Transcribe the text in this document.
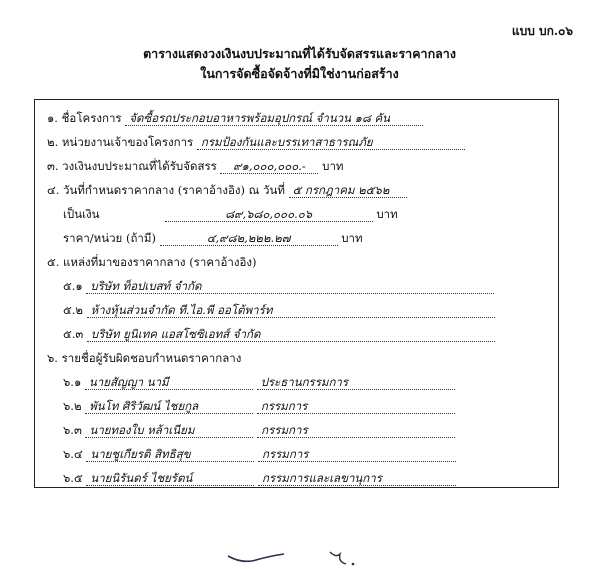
แบบ บก.๐๖
ตารางแสดงวงเงินงบประมาณที่ได้รับจัดสรรและราคากลาง
ในการจัดซื้อจัดจ้างที่มิใช่งานก่อสร้าง
๑. ชื่อโครงการ จัดซื้อรถประกอบอาหารพร้อมอุปกรณ์ จำนวน ๑๘ คัน
๒. หน่วยงานเจ้าของโครงการ กรมป้องกันและบรรเทาสาธารณภัย
๓. วงเงินงบประมาณที่ได้รับจัดสรร ๙๑,๐๐๐,๐๐๐.- บาท
๔. วันที่กำหนดราคากลาง (ราคาอ้างอิง) ณ วันที่ ๕ กรกฎาคม ๒๕๖๒
เป็นเงิน	๘๙,๖๘๐,๐๐๐.๐๖	บาท
ราคา/หน่วย (ถ้ามี)	๔,๙๘๒,๒๒๒.๒๗	บาท
๕. แหล่งที่มาของราคากลาง (ราคาอ้างอิง)
๕.๑ บริษัท ท็อปเบสท์ จำกัด
๕.๒ ห้างหุ้นส่วนจำกัด ที.ไอ.พี ออโต้พาร์ท
๕.๓ บริษัท ยูนิเทค แอสโซซิเอทส์ จำกัด
๖. รายชื่อผู้รับผิดชอบกำหนดราคากลาง
๖.๑ นายสัญญา นามี	ประธานกรรมการ
๖.๒ พันโท ศิริวัฒน์ ไชยกูล	กรรมการ
๖.๓ นายทองใบ หล้าเนียม	กรรมการ
๖.๔ นายชูเกียรติ สิทธิสุข	กรรมการ
๖.๕ นายนิรันดร์ ไชยรัตน์	กรรมการและเลขานุการ
